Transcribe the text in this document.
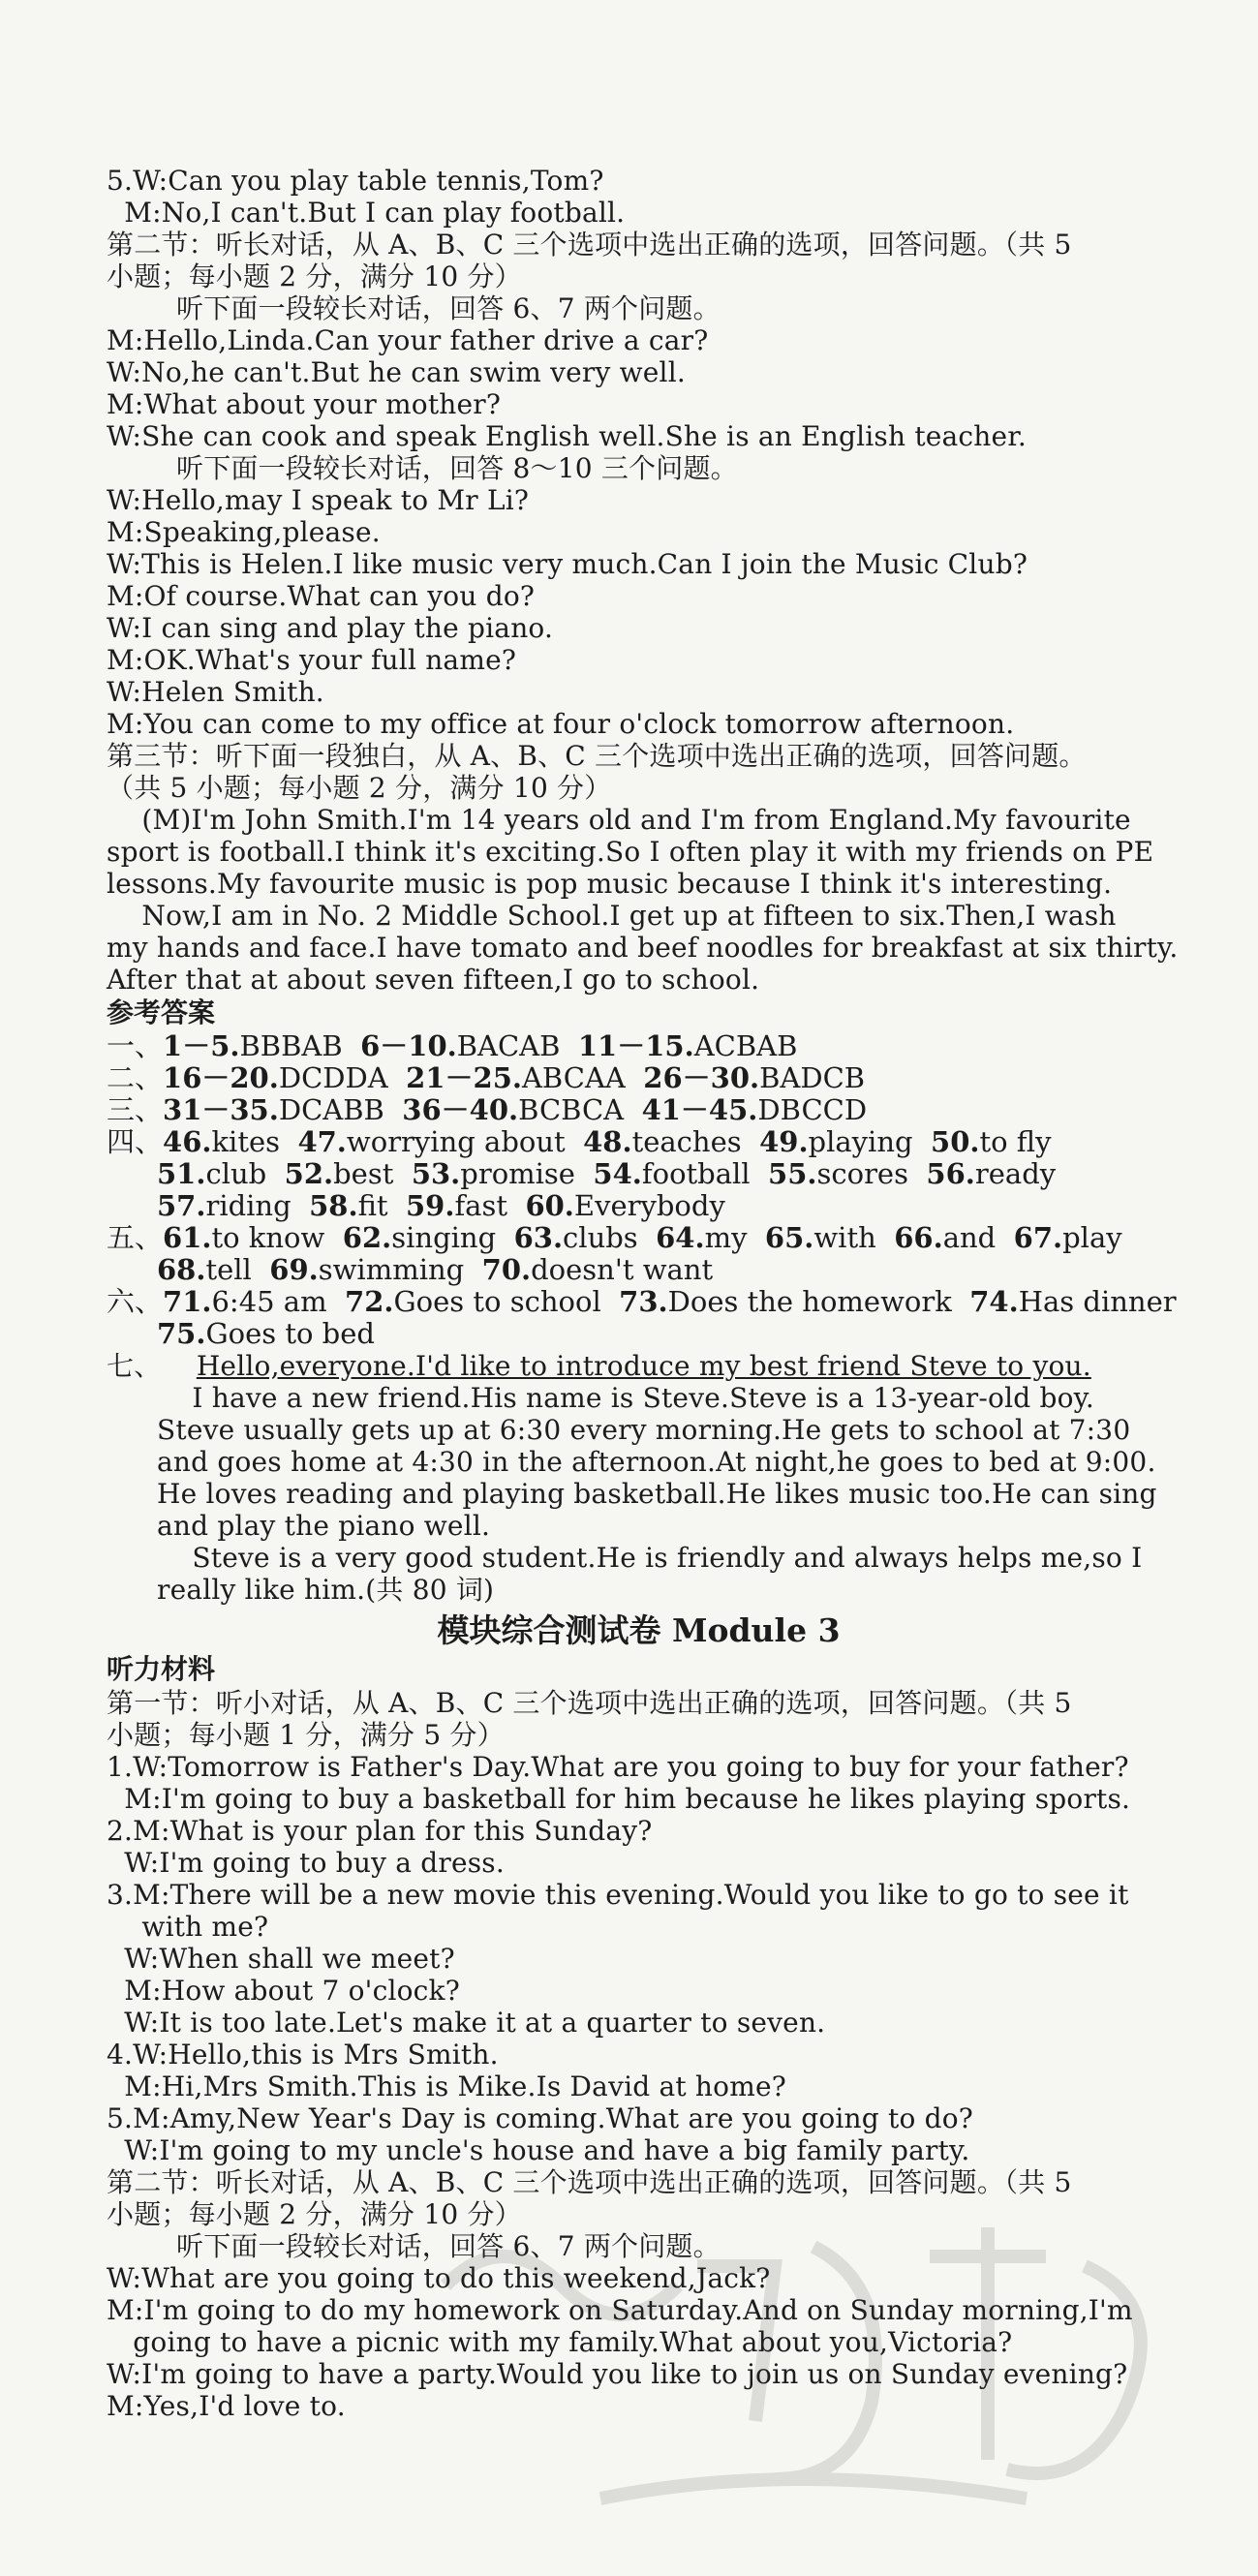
5.W:Can you play table tennis,Tom?
M:No,I can't.But I can play football.
第二节：听长对话，从 A、B、C 三个选项中选出正确的选项，回答问题。（共 5
小题；每小题 2 分，满分 10 分）
听下面一段较长对话，回答 6、7 两个问题。
M:Hello,Linda.Can your father drive a car?
W:No,he can't.But he can swim very well.
M:What about your mother?
W:She can cook and speak English well.She is an English teacher.
听下面一段较长对话，回答 8～10 三个问题。
W:Hello,may I speak to Mr Li?
M:Speaking,please.
W:This is Helen.I like music very much.Can I join the Music Club?
M:Of course.What can you do?
W:I can sing and play the piano.
M:OK.What's your full name?
W:Helen Smith.
M:You can come to my office at four o'clock tomorrow afternoon.
第三节：听下面一段独白，从 A、B、C 三个选项中选出正确的选项，回答问题。
（共 5 小题；每小题 2 分，满分 10 分）
(M)I'm John Smith.I'm 14 years old and I'm from England.My favourite
sport is football.I think it's exciting.So I often play it with my friends on PE
lessons.My favourite music is pop music because I think it's interesting.
Now,I am in No. 2 Middle School.I get up at fifteen to six.Then,I wash
my hands and face.I have tomato and beef noodles for breakfast at six thirty.
After that at about seven fifteen,I go to school.
参考答案
一、1－5.BBBAB  6－10.BACAB  11－15.ACBAB
二、16－20.DCDDA  21－25.ABCAA  26－30.BADCB
三、31－35.DCABB  36－40.BCBCA  41－45.DBCCD
四、46.kites  47.worrying about  48.teaches  49.playing  50.to fly
51.club  52.best  53.promise  54.football  55.scores  56.ready
57.riding  58.fit  59.fast  60.Everybody
五、61.to know  62.singing  63.clubs  64.my  65.with  66.and  67.play
68.tell  69.swimming  70.doesn't want
六、71.6:45 am  72.Goes to school  73.Does the homework  74.Has dinner
75.Goes to bed
七、 Hello,everyone.I'd like to introduce my best friend Steve to you.
I have a new friend.His name is Steve.Steve is a 13-year-old boy.
Steve usually gets up at 6:30 every morning.He gets to school at 7:30
and goes home at 4:30 in the afternoon.At night,he goes to bed at 9:00.
He loves reading and playing basketball.He likes music too.He can sing
and play the piano well.
Steve is a very good student.He is friendly and always helps me,so I
really like him.(共 80 词)
模块综合测试卷 Module 3
听力材料
第一节：听小对话，从 A、B、C 三个选项中选出正确的选项，回答问题。（共 5
小题；每小题 1 分，满分 5 分）
1.W:Tomorrow is Father's Day.What are you going to buy for your father?
M:I'm going to buy a basketball for him because he likes playing sports.
2.M:What is your plan for this Sunday?
W:I'm going to buy a dress.
3.M:There will be a new movie this evening.Would you like to go to see it
with me?
W:When shall we meet?
M:How about 7 o'clock?
W:It is too late.Let's make it at a quarter to seven.
4.W:Hello,this is Mrs Smith.
M:Hi,Mrs Smith.This is Mike.Is David at home?
5.M:Amy,New Year's Day is coming.What are you going to do?
W:I'm going to my uncle's house and have a big family party.
第二节：听长对话，从 A、B、C 三个选项中选出正确的选项，回答问题。（共 5
小题；每小题 2 分，满分 10 分）
听下面一段较长对话，回答 6、7 两个问题。
W:What are you going to do this weekend,Jack?
M:I'm going to do my homework on Saturday.And on Sunday morning,I'm
going to have a picnic with my family.What about you,Victoria?
W:I'm going to have a party.Would you like to join us on Sunday evening?
M:Yes,I'd love to.
